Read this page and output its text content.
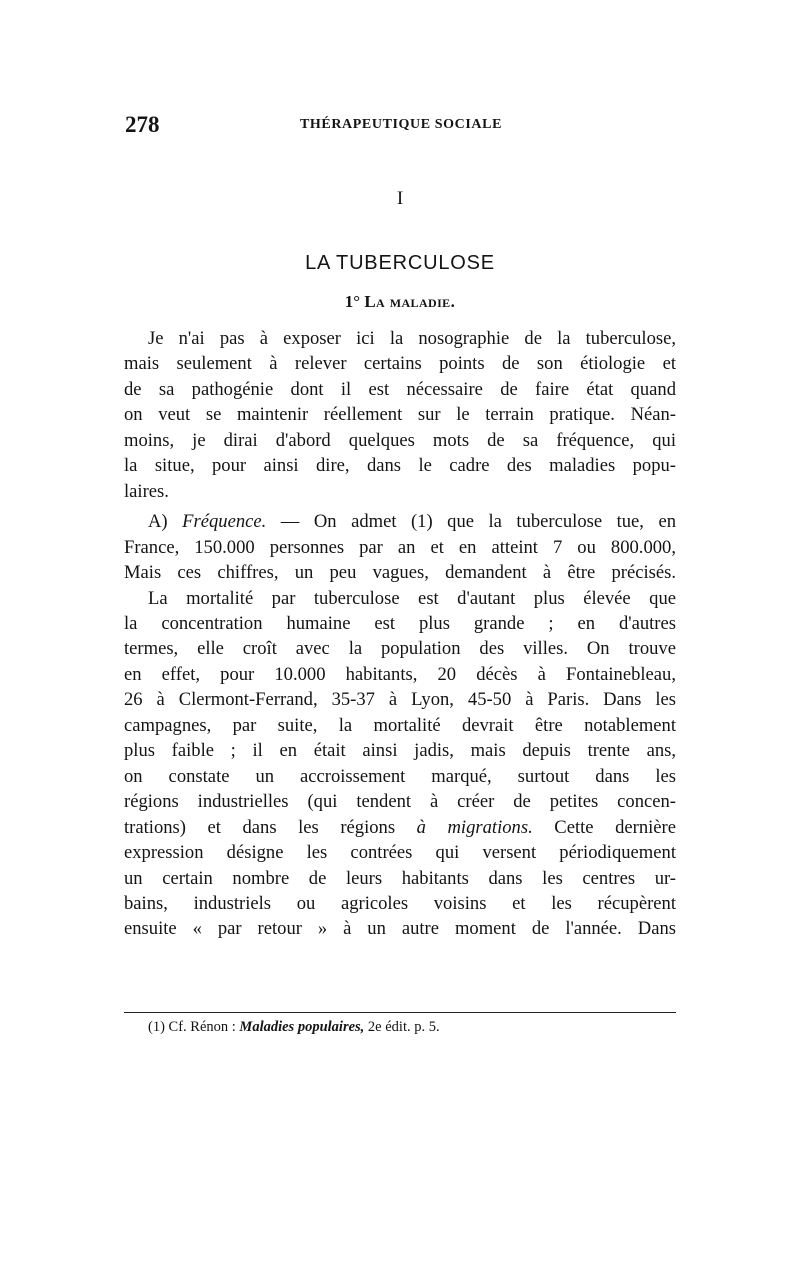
278	THÉRAPEUTIQUE SOCIALE
I
LA TUBERCULOSE
1° La maladie.
Je n'ai pas à exposer ici la nosographie de la tuberculose,
mais seulement à relever certains points de son étiologie et
de sa pathogénie dont il est nécessaire de faire état quand
on veut se maintenir réellement sur le terrain pratique. Néan-
moins, je dirai d'abord quelques mots de sa fréquence, qui
la situe, pour ainsi dire, dans le cadre des maladies popu-
laires.
A) Fréquence. — On admet (1) que la tuberculose tue, en
France, 150.000 personnes par an et en atteint 7 ou 800.000,
Mais ces chiffres, un peu vagues, demandent à être précisés.
La mortalité par tuberculose est d'autant plus élevée que
la concentration humaine est plus grande ; en d'autres
termes, elle croît avec la population des villes. On trouve
en effet, pour 10.000 habitants, 20 décès à Fontainebleau,
26 à Clermont-Ferrand, 35-37 à Lyon, 45-50 à Paris. Dans les
campagnes, par suite, la mortalité devrait être notablement
plus faible ; il en était ainsi jadis, mais depuis trente ans,
on constate un accroissement marqué, surtout dans les
régions industrielles (qui tendent à créer de petites concen-
trations) et dans les régions à migrations. Cette dernière
expression désigne les contrées qui versent périodiquement
un certain nombre de leurs habitants dans les centres ur-
bains, industriels ou agricoles voisins et les récupèrent
ensuite « par retour » à un autre moment de l'année. Dans
(1) Cf. Rénon : Maladies populaires, 2e édit. p. 5.
